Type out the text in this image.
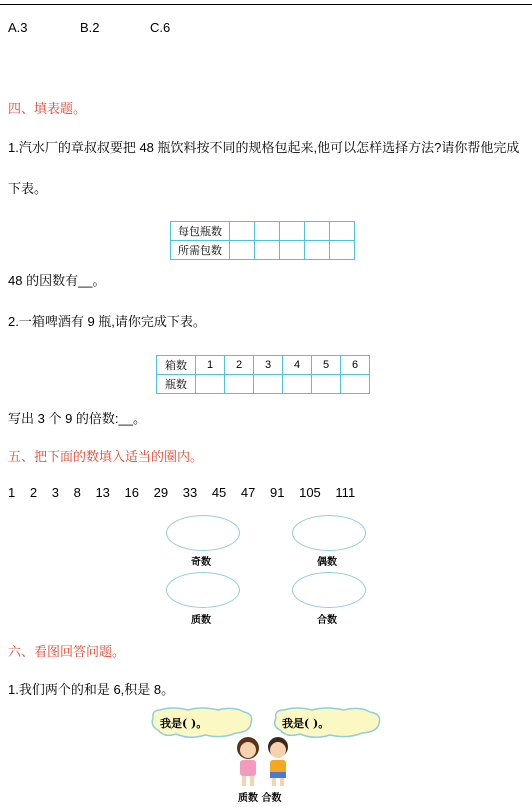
A.3	B.2	C.6
四、填表题。
1.汽水厂的章叔叔要把 48 瓶饮料按不同的规格包起来,他可以怎样选择方法?请你帮他完成
下表。
每包瓶数					
所需包数					
48 的因数有__。
2.一箱啤酒有 9 瓶,请你完成下表。
箱数	1	2	3	4	5	6
瓶数						
写出 3 个 9 的倍数:__。
五、把下面的数填入适当的圈内。
1 2 3 8 13 16 29 33 45 47 91 105 111
奇数	偶数
质数	合数
六、看图回答问题。
1.我们两个的和是 6,积是 8。
我是( )。	我是( )。
质数 合数
